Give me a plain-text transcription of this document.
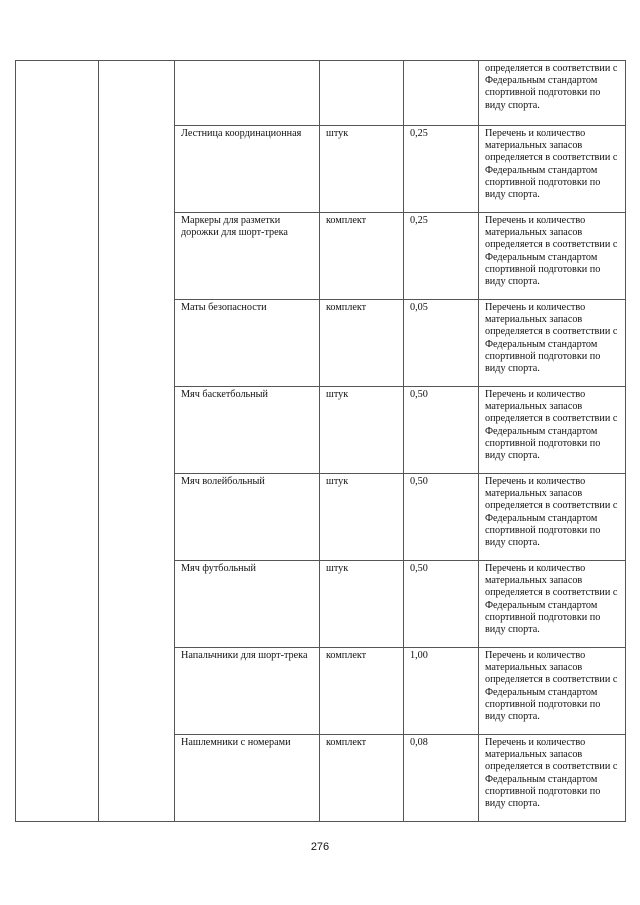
					определяется в соответствии с Федеральным стандартом спортивной подготовки по виду спорта.
		Лестница координационная	штук	0,25	Перечень и количество материальных запасов определяется в соответствии с Федеральным стандартом спортивной подготовки по виду спорта.
		Маркеры для разметки дорожки для шорт-трека	комплект	0,25	Перечень и количество материальных запасов определяется в соответствии с Федеральным стандартом спортивной подготовки по виду спорта.
		Маты безопасности	комплект	0,05	Перечень и количество материальных запасов определяется в соответствии с Федеральным стандартом спортивной подготовки по виду спорта.
		Мяч баскетбольный	штук	0,50	Перечень и количество материальных запасов определяется в соответствии с Федеральным стандартом спортивной подготовки по виду спорта.
		Мяч волейбольный	штук	0,50	Перечень и количество материальных запасов определяется в соответствии с Федеральным стандартом спортивной подготовки по виду спорта.
		Мяч футбольный	штук	0,50	Перечень и количество материальных запасов определяется в соответствии с Федеральным стандартом спортивной подготовки по виду спорта.
		Напальчники для шорт-трека	комплект	1,00	Перечень и количество материальных запасов определяется в соответствии с Федеральным стандартом спортивной подготовки по виду спорта.
		Нашлемники с номерами	комплект	0,08	Перечень и количество материальных запасов определяется в соответствии с Федеральным стандартом спортивной подготовки по виду спорта.
276
